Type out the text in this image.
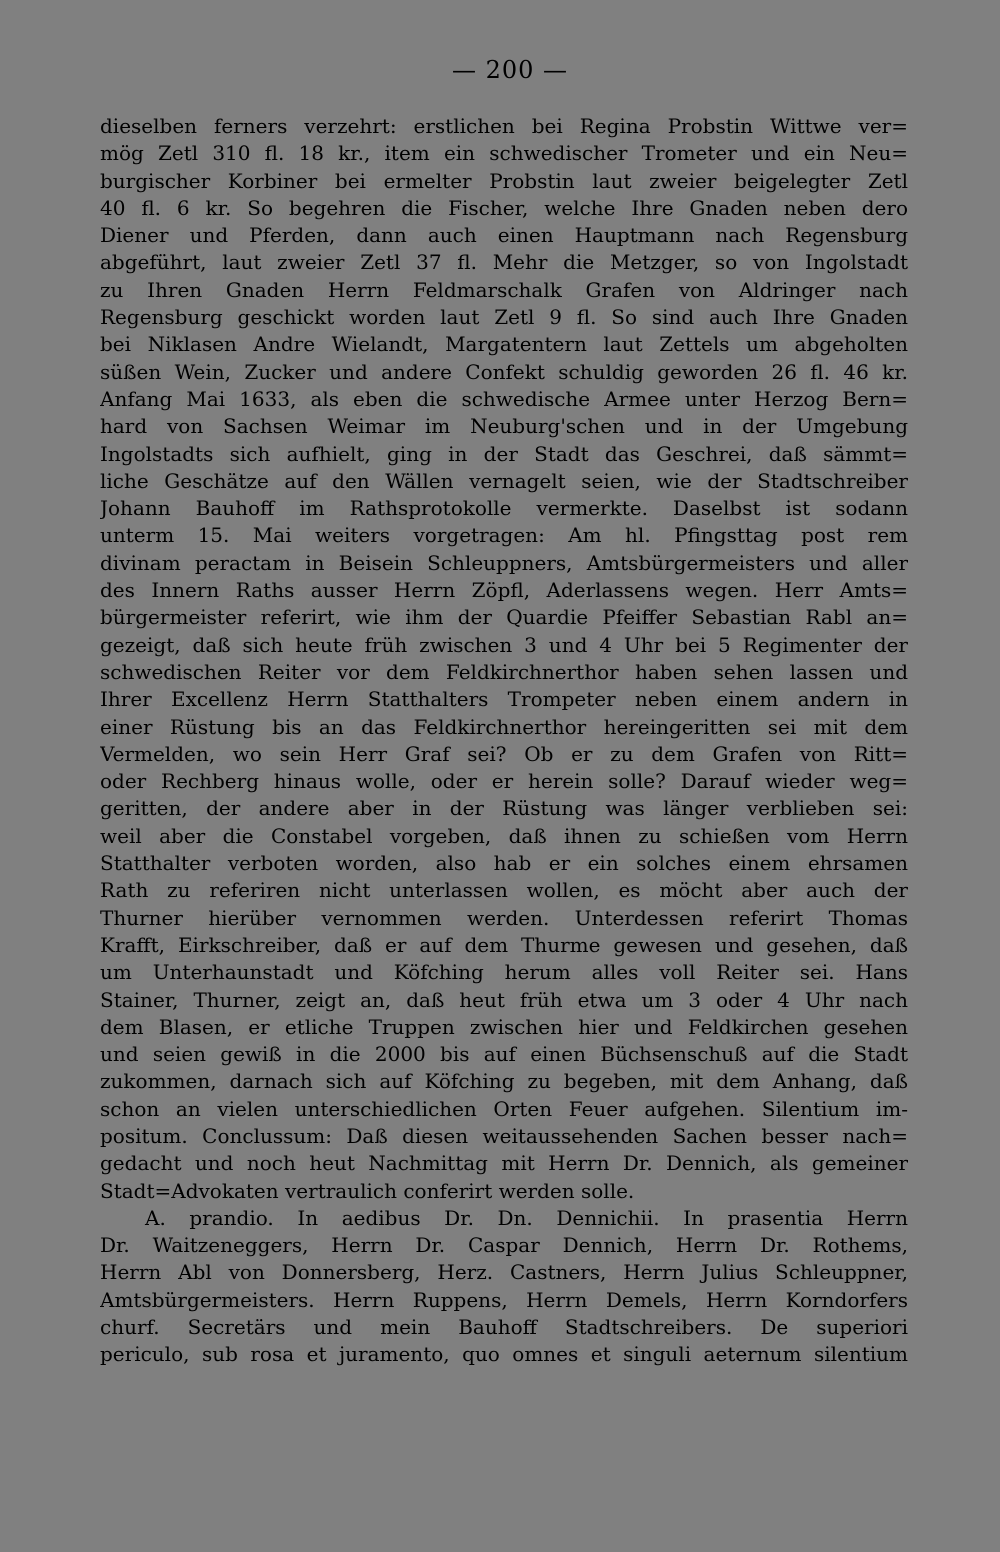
— 200 —
dieselben ferners verzehrt: erstlichen bei Regina Probstin Wittwe ver=
mög Zetl 310 fl. 18 kr., item ein schwedischer Trometer und ein Neu=
burgischer Korbiner bei ermelter Probstin laut zweier beigelegter Zetl
40 fl. 6 kr. So begehren die Fischer, welche Ihre Gnaden neben dero
Diener und Pferden, dann auch einen Hauptmann nach Regensburg
abgeführt, laut zweier Zetl 37 fl. Mehr die Metzger, so von Ingolstadt
zu Ihren Gnaden Herrn Feldmarschalk Grafen von Aldringer nach
Regensburg geschickt worden laut Zetl 9 fl. So sind auch Ihre Gnaden
bei Niklasen Andre Wielandt, Margatentern laut Zettels um abgeholten
süßen Wein, Zucker und andere Confekt schuldig geworden 26 fl. 46 kr.
Anfang Mai 1633, als eben die schwedische Armee unter Herzog Bern=
hard von Sachsen Weimar im Neuburg'schen und in der Umgebung
Ingolstadts sich aufhielt, ging in der Stadt das Geschrei, daß sämmt=
liche Geschätze auf den Wällen vernagelt seien, wie der Stadtschreiber
Johann Bauhoff im Rathsprotokolle vermerkte. Daselbst ist sodann
unterm 15. Mai weiters vorgetragen: Am hl. Pfingsttag post rem
divinam peractam in Beisein Schleuppners, Amtsbürgermeisters und aller
des Innern Raths ausser Herrn Zöpfl, Aderlassens wegen. Herr Amts=
bürgermeister referirt, wie ihm der Quardie Pfeiffer Sebastian Rabl an=
gezeigt, daß sich heute früh zwischen 3 und 4 Uhr bei 5 Regimenter der
schwedischen Reiter vor dem Feldkirchnerthor haben sehen lassen und
Ihrer Excellenz Herrn Statthalters Trompeter neben einem andern in
einer Rüstung bis an das Feldkirchnerthor hereingeritten sei mit dem
Vermelden, wo sein Herr Graf sei? Ob er zu dem Grafen von Ritt=
oder Rechberg hinaus wolle, oder er herein solle? Darauf wieder weg=
geritten, der andere aber in der Rüstung was länger verblieben sei:
weil aber die Constabel vorgeben, daß ihnen zu schießen vom Herrn
Statthalter verboten worden, also hab er ein solches einem ehrsamen
Rath zu referiren nicht unterlassen wollen, es möcht aber auch der
Thurner hierüber vernommen werden. Unterdessen referirt Thomas
Krafft, Eirkschreiber, daß er auf dem Thurme gewesen und gesehen, daß
um Unterhaunstadt und Köfching herum alles voll Reiter sei. Hans
Stainer, Thurner, zeigt an, daß heut früh etwa um 3 oder 4 Uhr nach
dem Blasen, er etliche Truppen zwischen hier und Feldkirchen gesehen
und seien gewiß in die 2000 bis auf einen Büchsenschuß auf die Stadt
zukommen, darnach sich auf Köfching zu begeben, mit dem Anhang, daß
schon an vielen unterschiedlichen Orten Feuer aufgehen. Silentium im-
positum. Conclussum: Daß diesen weitaussehenden Sachen besser nach=
gedacht und noch heut Nachmittag mit Herrn Dr. Dennich, als gemeiner
Stadt=Advokaten vertraulich conferirt werden solle.
A. prandio. In aedibus Dr. Dn. Dennichii. In prasentia Herrn
Dr. Waitzeneggers, Herrn Dr. Caspar Dennich, Herrn Dr. Rothems,
Herrn Abl von Donnersberg, Herz. Castners, Herrn Julius Schleuppner,
Amtsbürgermeisters. Herrn Ruppens, Herrn Demels, Herrn Korndorfers
churf. Secretärs und mein Bauhoff Stadtschreibers. De superiori
periculo, sub rosa et juramento, quo omnes et singuli aeternum silentium
